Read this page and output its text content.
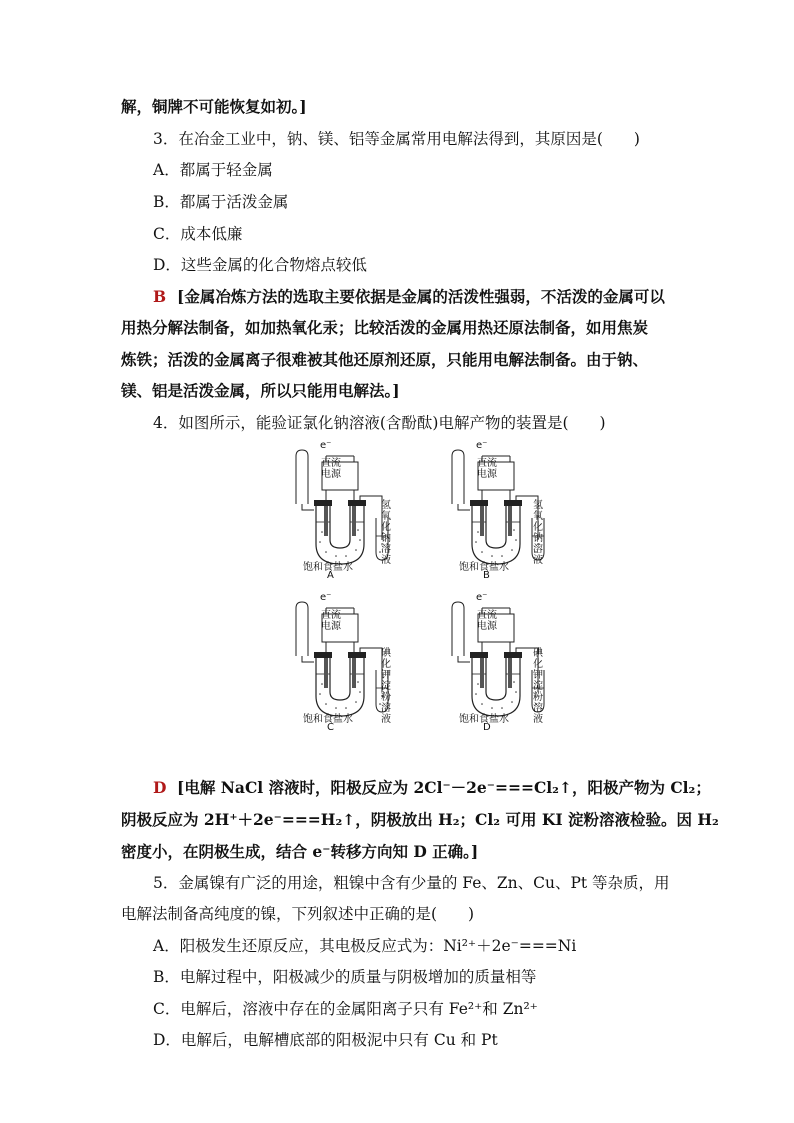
解，铜牌不可能恢复如初。]
3．在冶金工业中，钠、镁、铝等金属常用电解法得到，其原因是(　　)
A．都属于轻金属
B．都属于活泼金属
C．成本低廉
D．这些金属的化合物熔点较低
B [金属冶炼方法的选取主要依据是金属的活泼性强弱，不活泼的金属可以
用热分解法制备，如加热氧化汞；比较活泼的金属用热还原法制备，如用焦炭
炼铁；活泼的金属离子很难被其他还原剂还原，只能用电解法制备。由于钠、
镁、铝是活泼金属，所以只能用电解法。]
4．如图所示，能验证氯化钠溶液(含酚酞)电解产物的装置是(　　)
e⁻
直流
电源
饱和食盐水
A
氢氧化钠溶液
e⁻
直流
电源
饱和食盐水
B
氢氧化钠溶液
e⁻
直流
电源
饱和食盐水
C
碘化钾淀粉溶液
e⁻
直流
电源
饱和食盐水
D
碘化钾淀粉溶液
D [电解 NaCl 溶液时，阳极反应为 2Cl⁻－2e⁻===Cl₂↑，阳极产物为 Cl₂；
阴极反应为 2H⁺＋2e⁻===H₂↑，阴极放出 H₂；Cl₂ 可用 KI 淀粉溶液检验。因 H₂
密度小，在阴极生成，结合 e⁻转移方向知 D 正确。]
5．金属镍有广泛的用途，粗镍中含有少量的 Fe、Zn、Cu、Pt 等杂质，用
电解法制备高纯度的镍，下列叙述中正确的是(　　)
A．阳极发生还原反应，其电极反应式为：Ni²⁺＋2e⁻===Ni
B．电解过程中，阳极减少的质量与阴极增加的质量相等
C．电解后，溶液中存在的金属阳离子只有 Fe²⁺和 Zn²⁺
D．电解后，电解槽底部的阳极泥中只有 Cu 和 Pt
